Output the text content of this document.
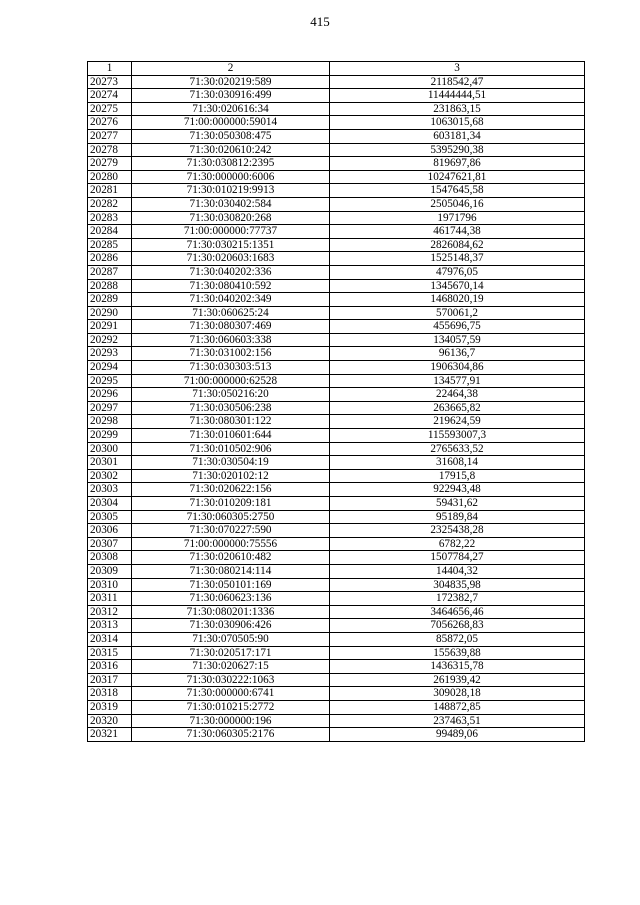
415
1	2	3
20273	71:30:020219:589	2118542,47
20274	71:30:030916:499	11444444,51
20275	71:30:020616:34	231863,15
20276	71:00:000000:59014	1063015,68
20277	71:30:050308:475	603181,34
20278	71:30:020610:242	5395290,38
20279	71:30:030812:2395	819697,86
20280	71:30:000000:6006	10247621,81
20281	71:30:010219:9913	1547645,58
20282	71:30:030402:584	2505046,16
20283	71:30:030820:268	1971796
20284	71:00:000000:77737	461744,38
20285	71:30:030215:1351	2826084,62
20286	71:30:020603:1683	1525148,37
20287	71:30:040202:336	47976,05
20288	71:30:080410:592	1345670,14
20289	71:30:040202:349	1468020,19
20290	71:30:060625:24	570061,2
20291	71:30:080307:469	455696,75
20292	71:30:060603:338	134057,59
20293	71:30:031002:156	96136,7
20294	71:30:030303:513	1906304,86
20295	71:00:000000:62528	134577,91
20296	71:30:050216:20	22464,38
20297	71:30:030506:238	263665,82
20298	71:30:080301:122	219624,59
20299	71:30:010601:644	115593007,3
20300	71:30:010502:906	2765633,52
20301	71:30:030504:19	31608,14
20302	71:30:020102:12	17915,8
20303	71:30:020622:156	922943,48
20304	71:30:010209:181	59431,62
20305	71:30:060305:2750	95189,84
20306	71:30:070227:590	2325438,28
20307	71:00:000000:75556	6782,22
20308	71:30:020610:482	1507784,27
20309	71:30:080214:114	14404,32
20310	71:30:050101:169	304835,98
20311	71:30:060623:136	172382,7
20312	71:30:080201:1336	3464656,46
20313	71:30:030906:426	7056268,83
20314	71:30:070505:90	85872,05
20315	71:30:020517:171	155639,88
20316	71:30:020627:15	1436315,78
20317	71:30:030222:1063	261939,42
20318	71:30:000000:6741	309028,18
20319	71:30:010215:2772	148872,85
20320	71:30:000000:196	237463,51
20321	71:30:060305:2176	99489,06
